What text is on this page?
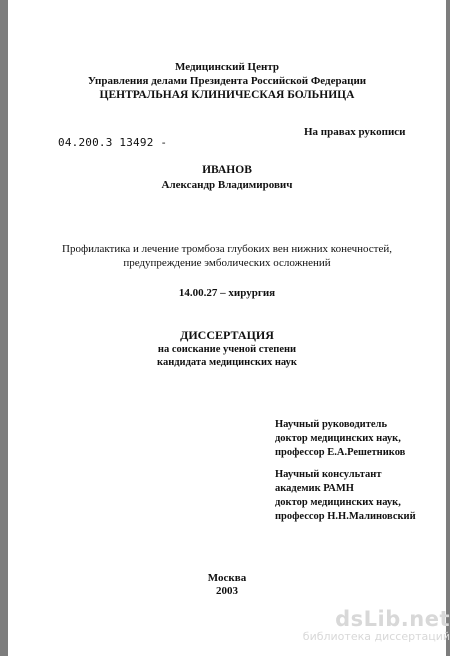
Медицинский Центр
Управления делами Президента Российской Федерации
ЦЕНТРАЛЬНАЯ КЛИНИЧЕСКАЯ БОЛЬНИЦА
04.200.3 13492 -
На правах рукописи
ИВАНОВ
Александр Владимирович
Профилактика и лечение тромбоза глубоких вен нижних конечностей,
предупреждение эмболических осложнений
14.00.27 – хирургия
ДИССЕРТАЦИЯ
на соискание ученой степени
кандидата медицинских наук
Научный руководитель
доктор медицинских наук,
профессор Е.А.Решетников
Научный консультант
академик РАМН
доктор медицинских наук,
профессор Н.Н.Малиновский
Москва
2003
dsLib.net
библиотека диссертаций
